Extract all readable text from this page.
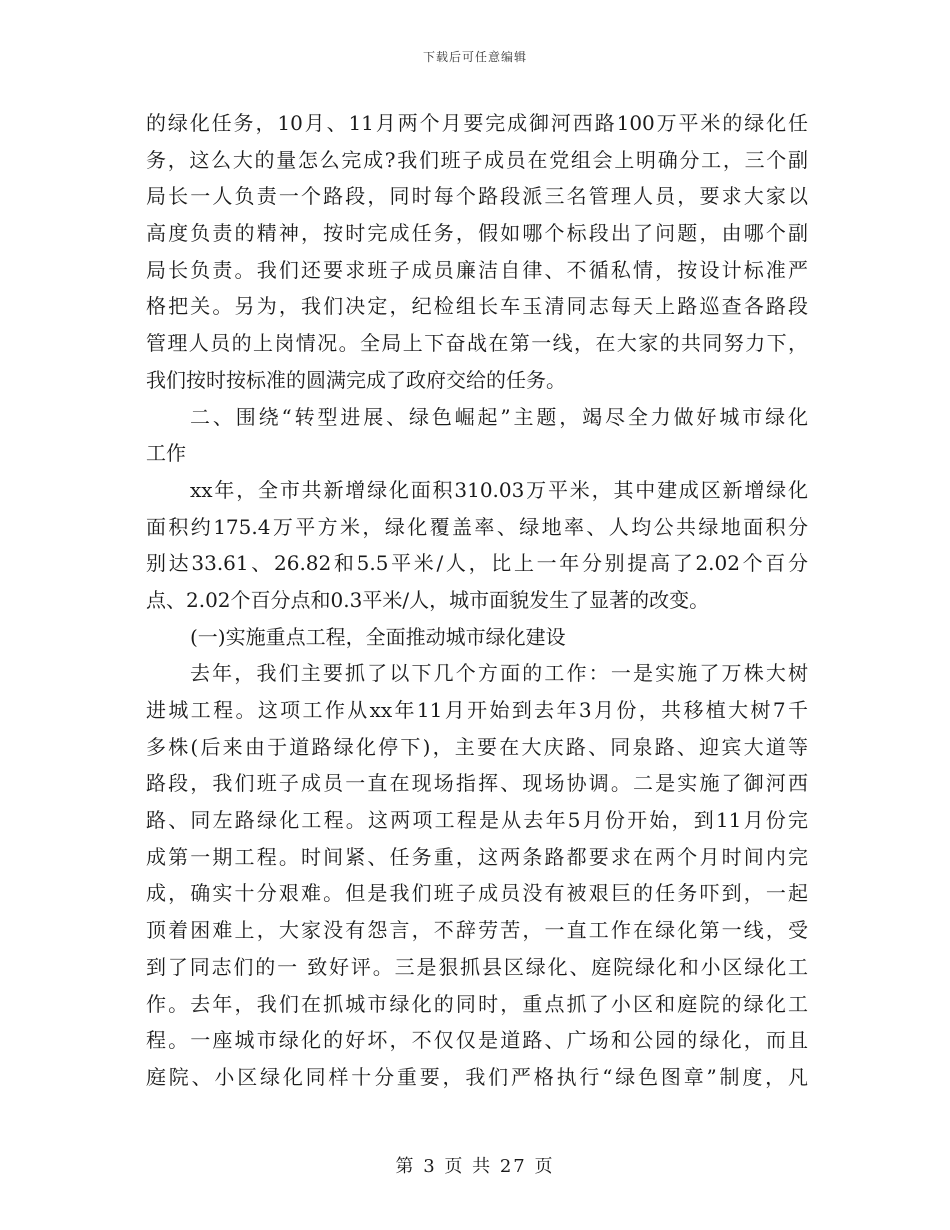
下载后可任意编辑
的绿化任务，10月、11月两个月要完成御河西路100万平米的绿化任
务，这么大的量怎么完成?我们班子成员在党组会上明确分工，三个副
局长一人负责一个路段，同时每个路段派三名管理人员，要求大家以
高度负责的精神，按时完成任务，假如哪个标段出了问题，由哪个副
局长负责。我们还要求班子成员廉洁自律、不循私情，按设计标准严
格把关。另为，我们决定，纪检组长车玉清同志每天上路巡查各路段
管理人员的上岗情况。全局上下奋战在第一线，在大家的共同努力下，
我们按时按标准的圆满完成了政府交给的任务。
二、围绕“转型进展、绿色崛起”主题，竭尽全力做好城市绿化
工作
xx年，全市共新增绿化面积310.03万平米，其中建成区新增绿化
面积约175.4万平方米，绿化覆盖率、绿地率、人均公共绿地面积分
别达33.61、26.82和5.5平米/人，比上一年分别提高了2.02个百分
点、2.02个百分点和0.3平米/人，城市面貌发生了显著的改变。
(一)实施重点工程，全面推动城市绿化建设
去年，我们主要抓了以下几个方面的工作：一是实施了万株大树
进城工程。这项工作从xx年11月开始到去年3月份，共移植大树7千
多株(后来由于道路绿化停下)，主要在大庆路、同泉路、迎宾大道等
路段，我们班子成员一直在现场指挥、现场协调。二是实施了御河西
路、同左路绿化工程。这两项工程是从去年5月份开始，到11月份完
成第一期工程。时间紧、任务重，这两条路都要求在两个月时间内完
成，确实十分艰难。但是我们班子成员没有被艰巨的任务吓到，一起
顶着困难上，大家没有怨言，不辞劳苦，一直工作在绿化第一线，受
到了同志们的一 致好评。三是狠抓县区绿化、庭院绿化和小区绿化工
作。去年，我们在抓城市绿化的同时，重点抓了小区和庭院的绿化工
程。一座城市绿化的好坏，不仅仅是道路、广场和公园的绿化，而且
庭院、小区绿化同样十分重要，我们严格执行“绿色图章”制度，凡
第 3 页 共 27 页
